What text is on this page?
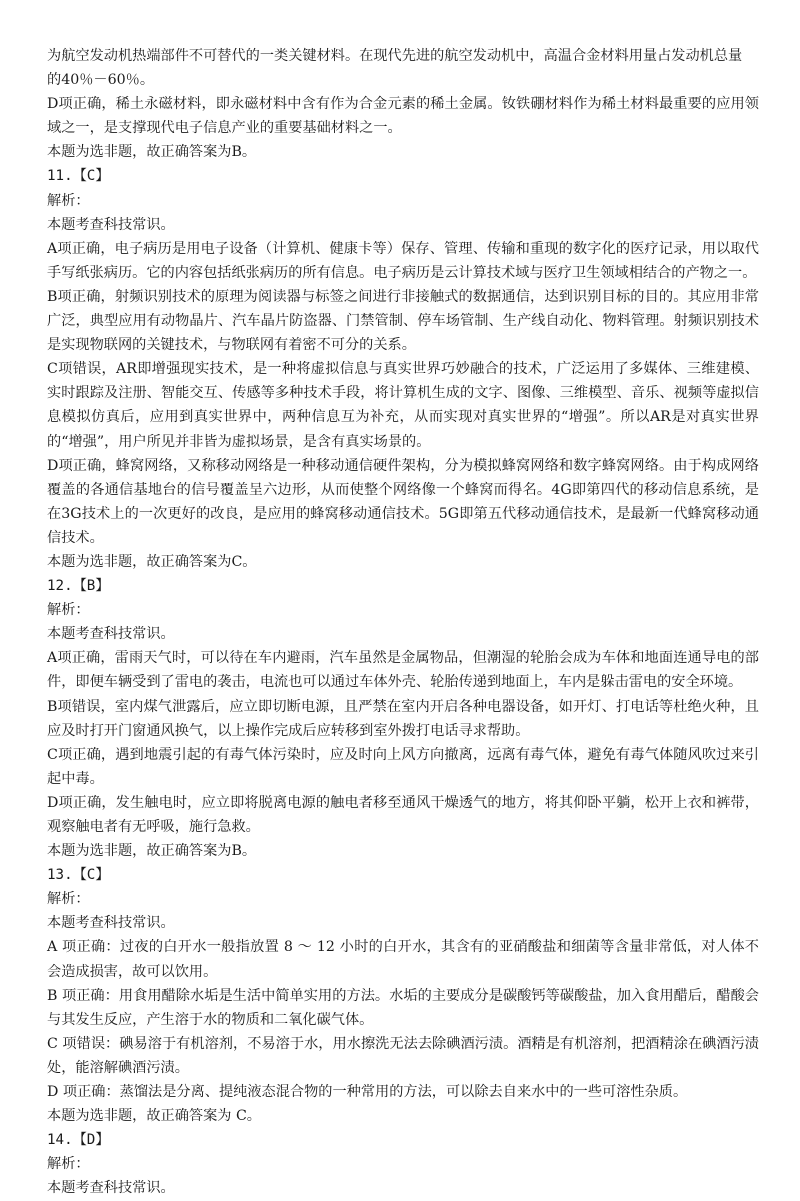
为航空发动机热端部件不可替代的一类关键材料。在现代先进的航空发动机中，高温合金材料用量占发动机总量

的40％－60％。

D项正确，稀土永磁材料，即永磁材料中含有作为合金元素的稀土金属。钕铁硼材料作为稀土材料最重要的应用领域之一，是支撑现代电子信息产业的重要基础材料之一。

本题为选非题，故正确答案为B。

11.【C】

解析：

本题考查科技常识。

A项正确，电子病历是用电子设备（计算机、健康卡等）保存、管理、传输和重现的数字化的医疗记录，用以取代手写纸张病历。它的内容包括纸张病历的所有信息。电子病历是云计算技术域与医疗卫生领域相结合的产物之一。

B项正确，射频识别技术的原理为阅读器与标签之间进行非接触式的数据通信，达到识别目标的目的。其应用非常广泛，典型应用有动物晶片、汽车晶片防盗器、门禁管制、停车场管制、生产线自动化、物料管理。射频识别技术是实现物联网的关键技术，与物联网有着密不可分的关系。

C项错误，AR即增强现实技术，是一种将虚拟信息与真实世界巧妙融合的技术，广泛运用了多媒体、三维建模、实时跟踪及注册、智能交互、传感等多种技术手段，将计算机生成的文字、图像、三维模型、音乐、视频等虚拟信息模拟仿真后，应用到真实世界中，两种信息互为补充，从而实现对真实世界的“增强”。所以AR是对真实世界的“增强”，用户所见并非皆为虚拟场景，是含有真实场景的。

D项正确，蜂窝网络，又称移动网络是一种移动通信硬件架构，分为模拟蜂窝网络和数字蜂窝网络。由于构成网络覆盖的各通信基地台的信号覆盖呈六边形，从而使整个网络像一个蜂窝而得名。4G即第四代的移动信息系统，是在3G技术上的一次更好的改良，是应用的蜂窝移动通信技术。5G即第五代移动通信技术，是最新一代蜂窝移动通信技术。

本题为选非题，故正确答案为C。

12.【B】

解析：

本题考查科技常识。

A项正确，雷雨天气时，可以待在车内避雨，汽车虽然是金属物品，但潮湿的轮胎会成为车体和地面连通导电的部件，即便车辆受到了雷电的袭击，电流也可以通过车体外壳、轮胎传递到地面上，车内是躲击雷电的安全环境。

B项错误，室内煤气泄露后，应立即切断电源，且严禁在室内开启各种电器设备，如开灯、打电话等杜绝火种，且应及时打开门窗通风换气，以上操作完成后应转移到室外拨打电话寻求帮助。

C项正确，遇到地震引起的有毒气体污染时，应及时向上风方向撤离，远离有毒气体，避免有毒气体随风吹过来引起中毒。

D项正确，发生触电时，应立即将脱离电源的触电者移至通风干燥透气的地方，将其仰卧平躺，松开上衣和裤带，观察触电者有无呼吸，施行急救。

本题为选非题，故正确答案为B。

13.【C】

解析：

本题考查科技常识。

A 项正确：过夜的白开水一般指放置 8 ～ 12 小时的白开水，其含有的亚硝酸盐和细菌等含量非常低，对人体不会造成损害，故可以饮用。

B 项正确：用食用醋除水垢是生活中简单实用的方法。水垢的主要成分是碳酸钙等碳酸盐，加入食用醋后，醋酸会与其发生反应，产生溶于水的物质和二氧化碳气体。

C 项错误：碘易溶于有机溶剂，不易溶于水，用水擦洗无法去除碘酒污渍。酒精是有机溶剂，把酒精涂在碘酒污渍处，能溶解碘酒污渍。

D 项正确：蒸馏法是分离、提纯液态混合物的一种常用的方法，可以除去自来水中的一些可溶性杂质。

本题为选非题，故正确答案为 C。

14.【D】

解析：

本题考查科技常识。
